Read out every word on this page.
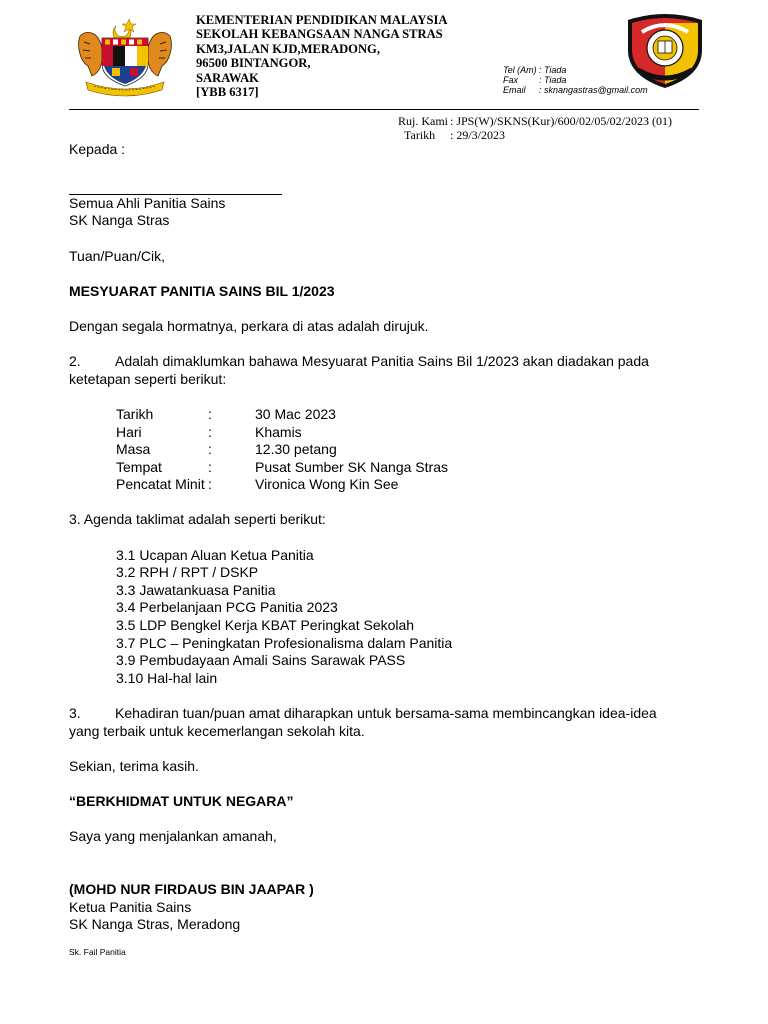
KEMENTERIAN PENDIDIKAN MALAYSIA
SEKOLAH KEBANGSAAN NANGA STRAS
KM3,JALAN KJD,MERADONG,
96500 BINTANGOR,
SARAWAK
[YBB 6317]
Tel (Am) : Tiada
Fax	: Tiada
Email	: sknangastras@gmail.com
Ruj. Kami : JPS(W)/SKNS(Kur)/600/02/05/02/2023 (01)
Tarikh	: 29/3/2023

Kepada :

Semua Ahli Panitia Sains

SK Nanga Stras

Tuan/Puan/Cik,

MESYUARAT PANITIA SAINS BIL 1/2023

Dengan segala hormatnya, perkara di atas adalah dirujuk.

2. Adalah dimaklumkan bahawa Mesyuarat Panitia Sains Bil 1/2023 akan diadakan pada

ketetapan seperti berikut:

Tarikh	:	30 Mac 2023
Hari	:	Khamis
Masa	:	12.30 petang
Tempat	:	Pusat Sumber SK Nanga Stras
Pencatat Minit :	Vironica Wong Kin See

3. Agenda taklimat adalah seperti berikut:

3.1 Ucapan Aluan Ketua Panitia

3.2 RPH / RPT / DSKP

3.3 Jawatankuasa Panitia

3.4 Perbelanjaan PCG Panitia 2023

3.5 LDP Bengkel Kerja KBAT Peringkat Sekolah

3.7 PLC – Peningkatan Profesionalisma dalam Panitia

3.9 Pembudayaan Amali Sains Sarawak PASS

3.10 Hal-hal lain

3. Kehadiran tuan/puan amat diharapkan untuk bersama-sama membincangkan idea-idea

yang terbaik untuk kecemerlangan sekolah kita.

Sekian, terima kasih.

“BERKHIDMAT UNTUK NEGARA”

Saya yang menjalankan amanah,

(MOHD NUR FIRDAUS BIN JAAPAR )

Ketua Panitia Sains

SK Nanga Stras, Meradong

Sk. Fail Panitia
